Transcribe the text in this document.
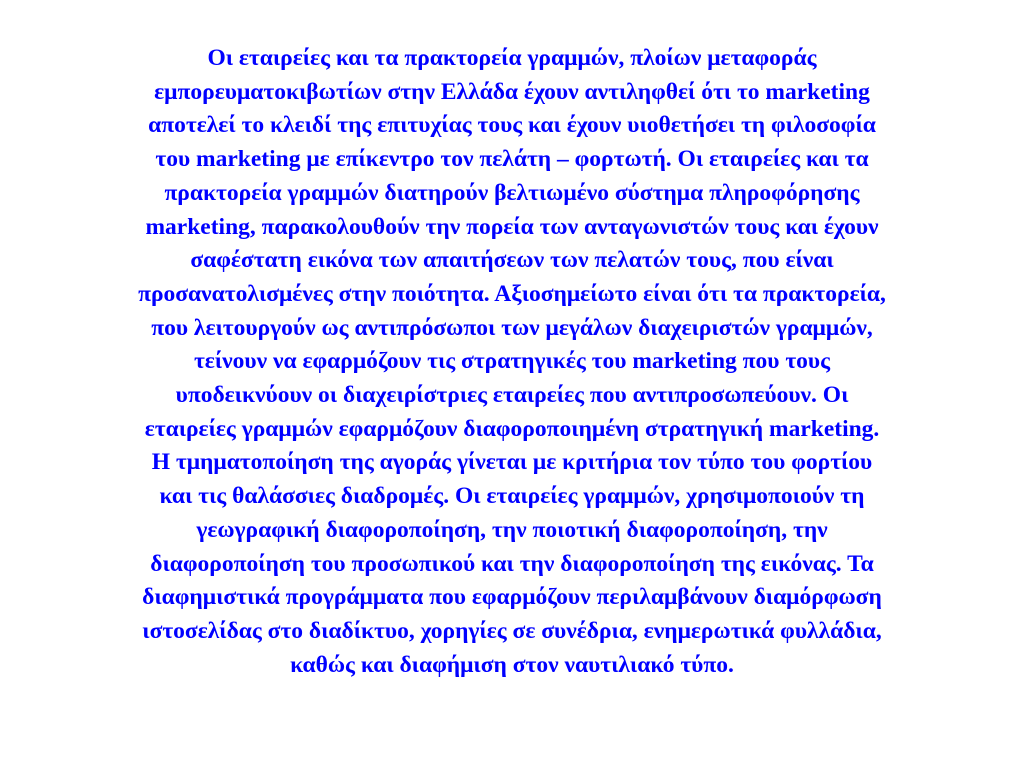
Οι εταιρείες και τα πρακτορεία γραμμών, πλοίων μεταφοράς
εμπορευματοκιβωτίων στην Ελλάδα έχουν αντιληφθεί ότι το marketing
αποτελεί το κλειδί της επιτυχίας τους και έχουν υιοθετήσει τη φιλοσοφία
του marketing με επίκεντρο τον πελάτη – φορτωτή. Οι εταιρείες και τα
πρακτορεία γραμμών διατηρούν βελτιωμένο σύστημα πληροφόρησης
marketing, παρακολουθούν την πορεία των ανταγωνιστών τους και έχουν
σαφέστατη εικόνα των απαιτήσεων των πελατών τους, που είναι
προσανατολισμένες στην ποιότητα. Αξιοσημείωτο είναι ότι τα πρακτορεία,
που λειτουργούν ως αντιπρόσωποι των μεγάλων διαχειριστών γραμμών,
τείνουν να εφαρμόζουν τις στρατηγικές του marketing που τους
υποδεικνύουν οι διαχειρίστριες εταιρείες που αντιπροσωπεύουν. Οι
εταιρείες γραμμών εφαρμόζουν διαφοροποιημένη στρατηγική marketing.
Η τμηματοποίηση της αγοράς γίνεται με κριτήρια τον τύπο του φορτίου
και τις θαλάσσιες διαδρομές. Οι εταιρείες γραμμών, χρησιμοποιούν τη
γεωγραφική διαφοροποίηση, την ποιοτική διαφοροποίηση, την
διαφοροποίηση του προσωπικού και την διαφοροποίηση της εικόνας. Τα
διαφημιστικά προγράμματα που εφαρμόζουν περιλαμβάνουν διαμόρφωση
ιστοσελίδας στο διαδίκτυο, χορηγίες σε συνέδρια, ενημερωτικά φυλλάδια,
καθώς και διαφήμιση στον ναυτιλιακό τύπο.
